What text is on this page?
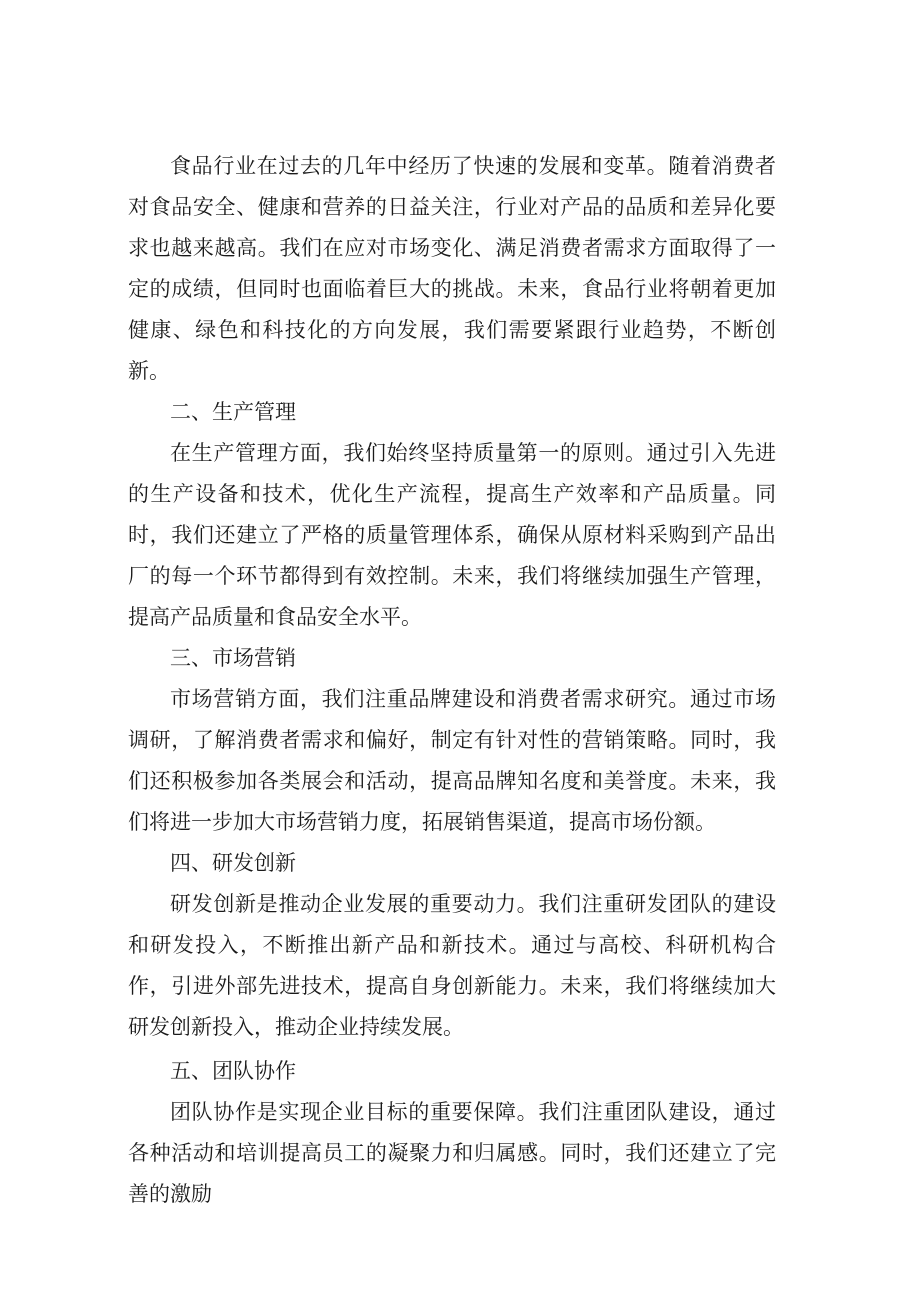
食品行业在过去的几年中经历了快速的发展和变革。随着消费者对食品安全、健康和营养的日益关注，行业对产品的品质和差异化要求也越来越高。我们在应对市场变化、满足消费者需求方面取得了一定的成绩，但同时也面临着巨大的挑战。未来，食品行业将朝着更加健康、绿色和科技化的方向发展，我们需要紧跟行业趋势，不断创新。

二、生产管理

在生产管理方面，我们始终坚持质量第一的原则。通过引入先进的生产设备和技术，优化生产流程，提高生产效率和产品质量。同时，我们还建立了严格的质量管理体系，确保从原材料采购到产品出厂的每一个环节都得到有效控制。未来，我们将继续加强生产管理，提高产品质量和食品安全水平。

三、市场营销

市场营销方面，我们注重品牌建设和消费者需求研究。通过市场调研，了解消费者需求和偏好，制定有针对性的营销策略。同时，我们还积极参加各类展会和活动，提高品牌知名度和美誉度。未来，我们将进一步加大市场营销力度，拓展销售渠道，提高市场份额。

四、研发创新

研发创新是推动企业发展的重要动力。我们注重研发团队的建设和研发投入，不断推出新产品和新技术。通过与高校、科研机构合作，引进外部先进技术，提高自身创新能力。未来，我们将继续加大研发创新投入，推动企业持续发展。

五、团队协作

团队协作是实现企业目标的重要保障。我们注重团队建设，通过各种活动和培训提高员工的凝聚力和归属感。同时，我们还建立了完善的激励
